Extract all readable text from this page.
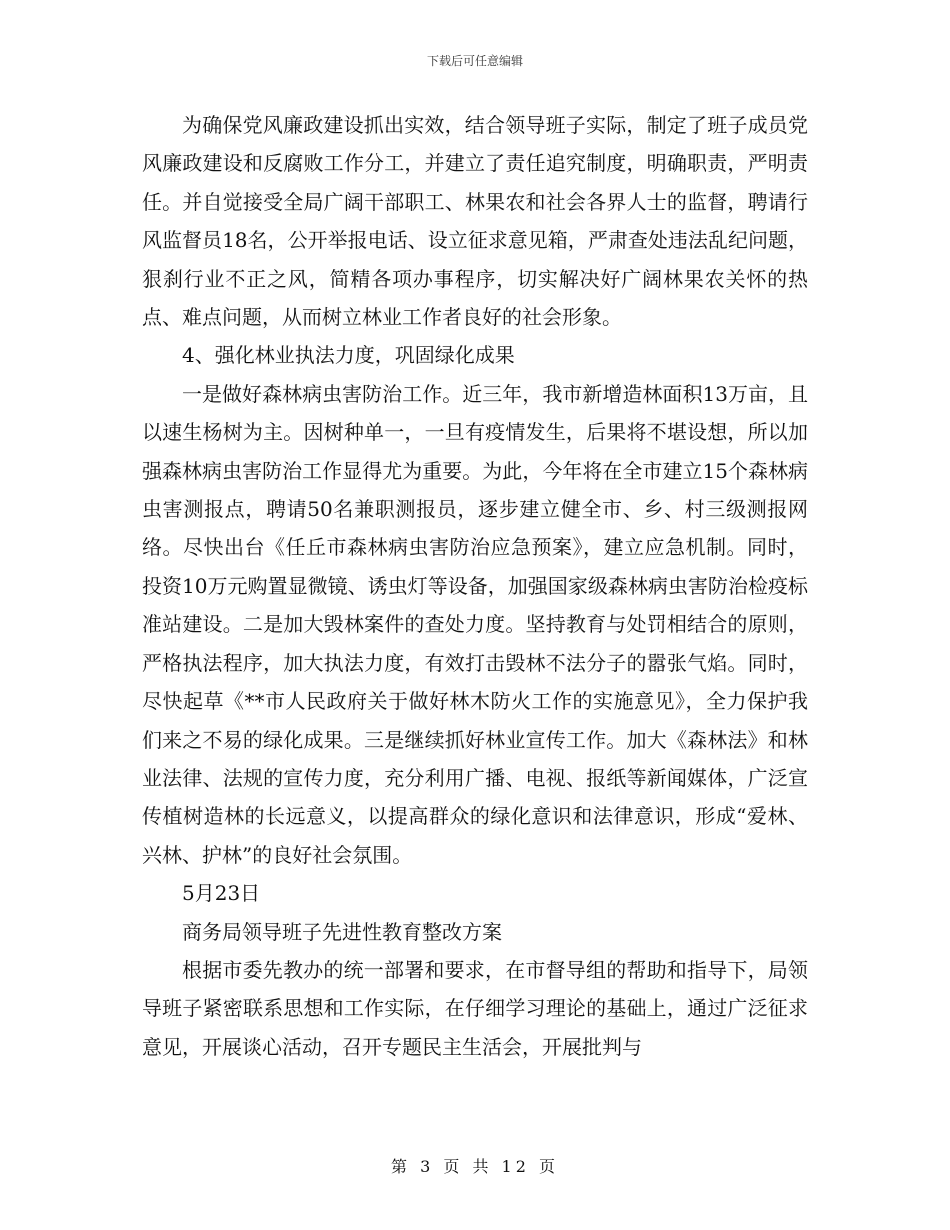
下载后可任意编辑

为确保党风廉政建设抓出实效，结合领导班子实际，制定了班子成员党风廉政建设和反腐败工作分工，并建立了责任追究制度，明确职责，严明责任。并自觉接受全局广阔干部职工、林果农和社会各界人士的监督，聘请行风监督员18名，公开举报电话、设立征求意见箱，严肃查处违法乱纪问题，狠刹行业不正之风，简精各项办事程序，切实解决好广阔林果农关怀的热点、难点问题，从而树立林业工作者良好的社会形象。

4、强化林业执法力度，巩固绿化成果

一是做好森林病虫害防治工作。近三年，我市新增造林面积13万亩，且以速生杨树为主。因树种单一，一旦有疫情发生，后果将不堪设想，所以加强森林病虫害防治工作显得尤为重要。为此，今年将在全市建立15个森林病虫害测报点，聘请50名兼职测报员，逐步建立健全市、乡、村三级测报网络。尽快出台《任丘市森林病虫害防治应急预案》，建立应急机制。同时，投资10万元购置显微镜、诱虫灯等设备，加强国家级森林病虫害防治检疫标准站建设。二是加大毁林案件的查处力度。坚持教育与处罚相结合的原则，严格执法程序，加大执法力度，有效打击毁林不法分子的嚣张气焰。同时，尽快起草《**市人民政府关于做好林木防火工作的实施意见》，全力保护我们来之不易的绿化成果。三是继续抓好林业宣传工作。加大《森林法》和林业法律、法规的宣传力度，充分利用广播、电视、报纸等新闻媒体，广泛宣传植树造林的长远意义，以提高群众的绿化意识和法律意识，形成“爱林、兴林、护林”的良好社会氛围。

5月23日

商务局领导班子先进性教育整改方案

根据市委先教办的统一部署和要求，在市督导组的帮助和指导下，局领导班子紧密联系思想和工作实际，在仔细学习理论的基础上，通过广泛征求意见，开展谈心活动，召开专题民主生活会，开展批判与

第 3 页 共 12 页
